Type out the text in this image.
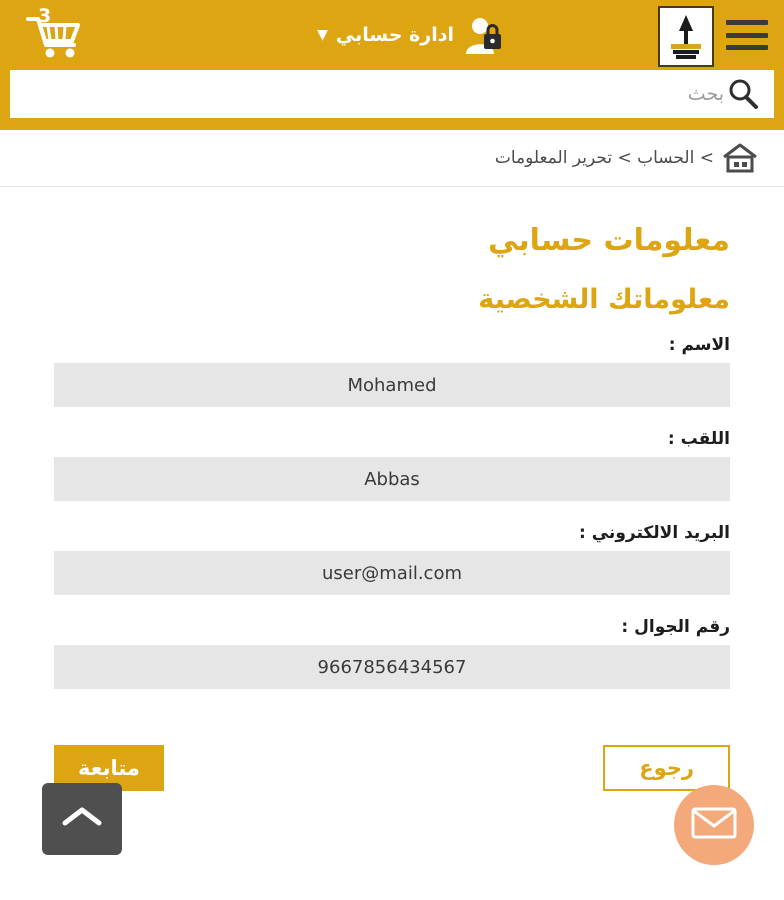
ادارة حسابي
▼
3
بحث
> الحساب > تحرير المعلومات
معلومات حسابي
معلوماتك الشخصية
الاسم :
Mohamed
اللقب :
Abbas
البريد الالكتروني :
user@mail.com
رقم الجوال :
9667856434567
رجوع
متابعة
